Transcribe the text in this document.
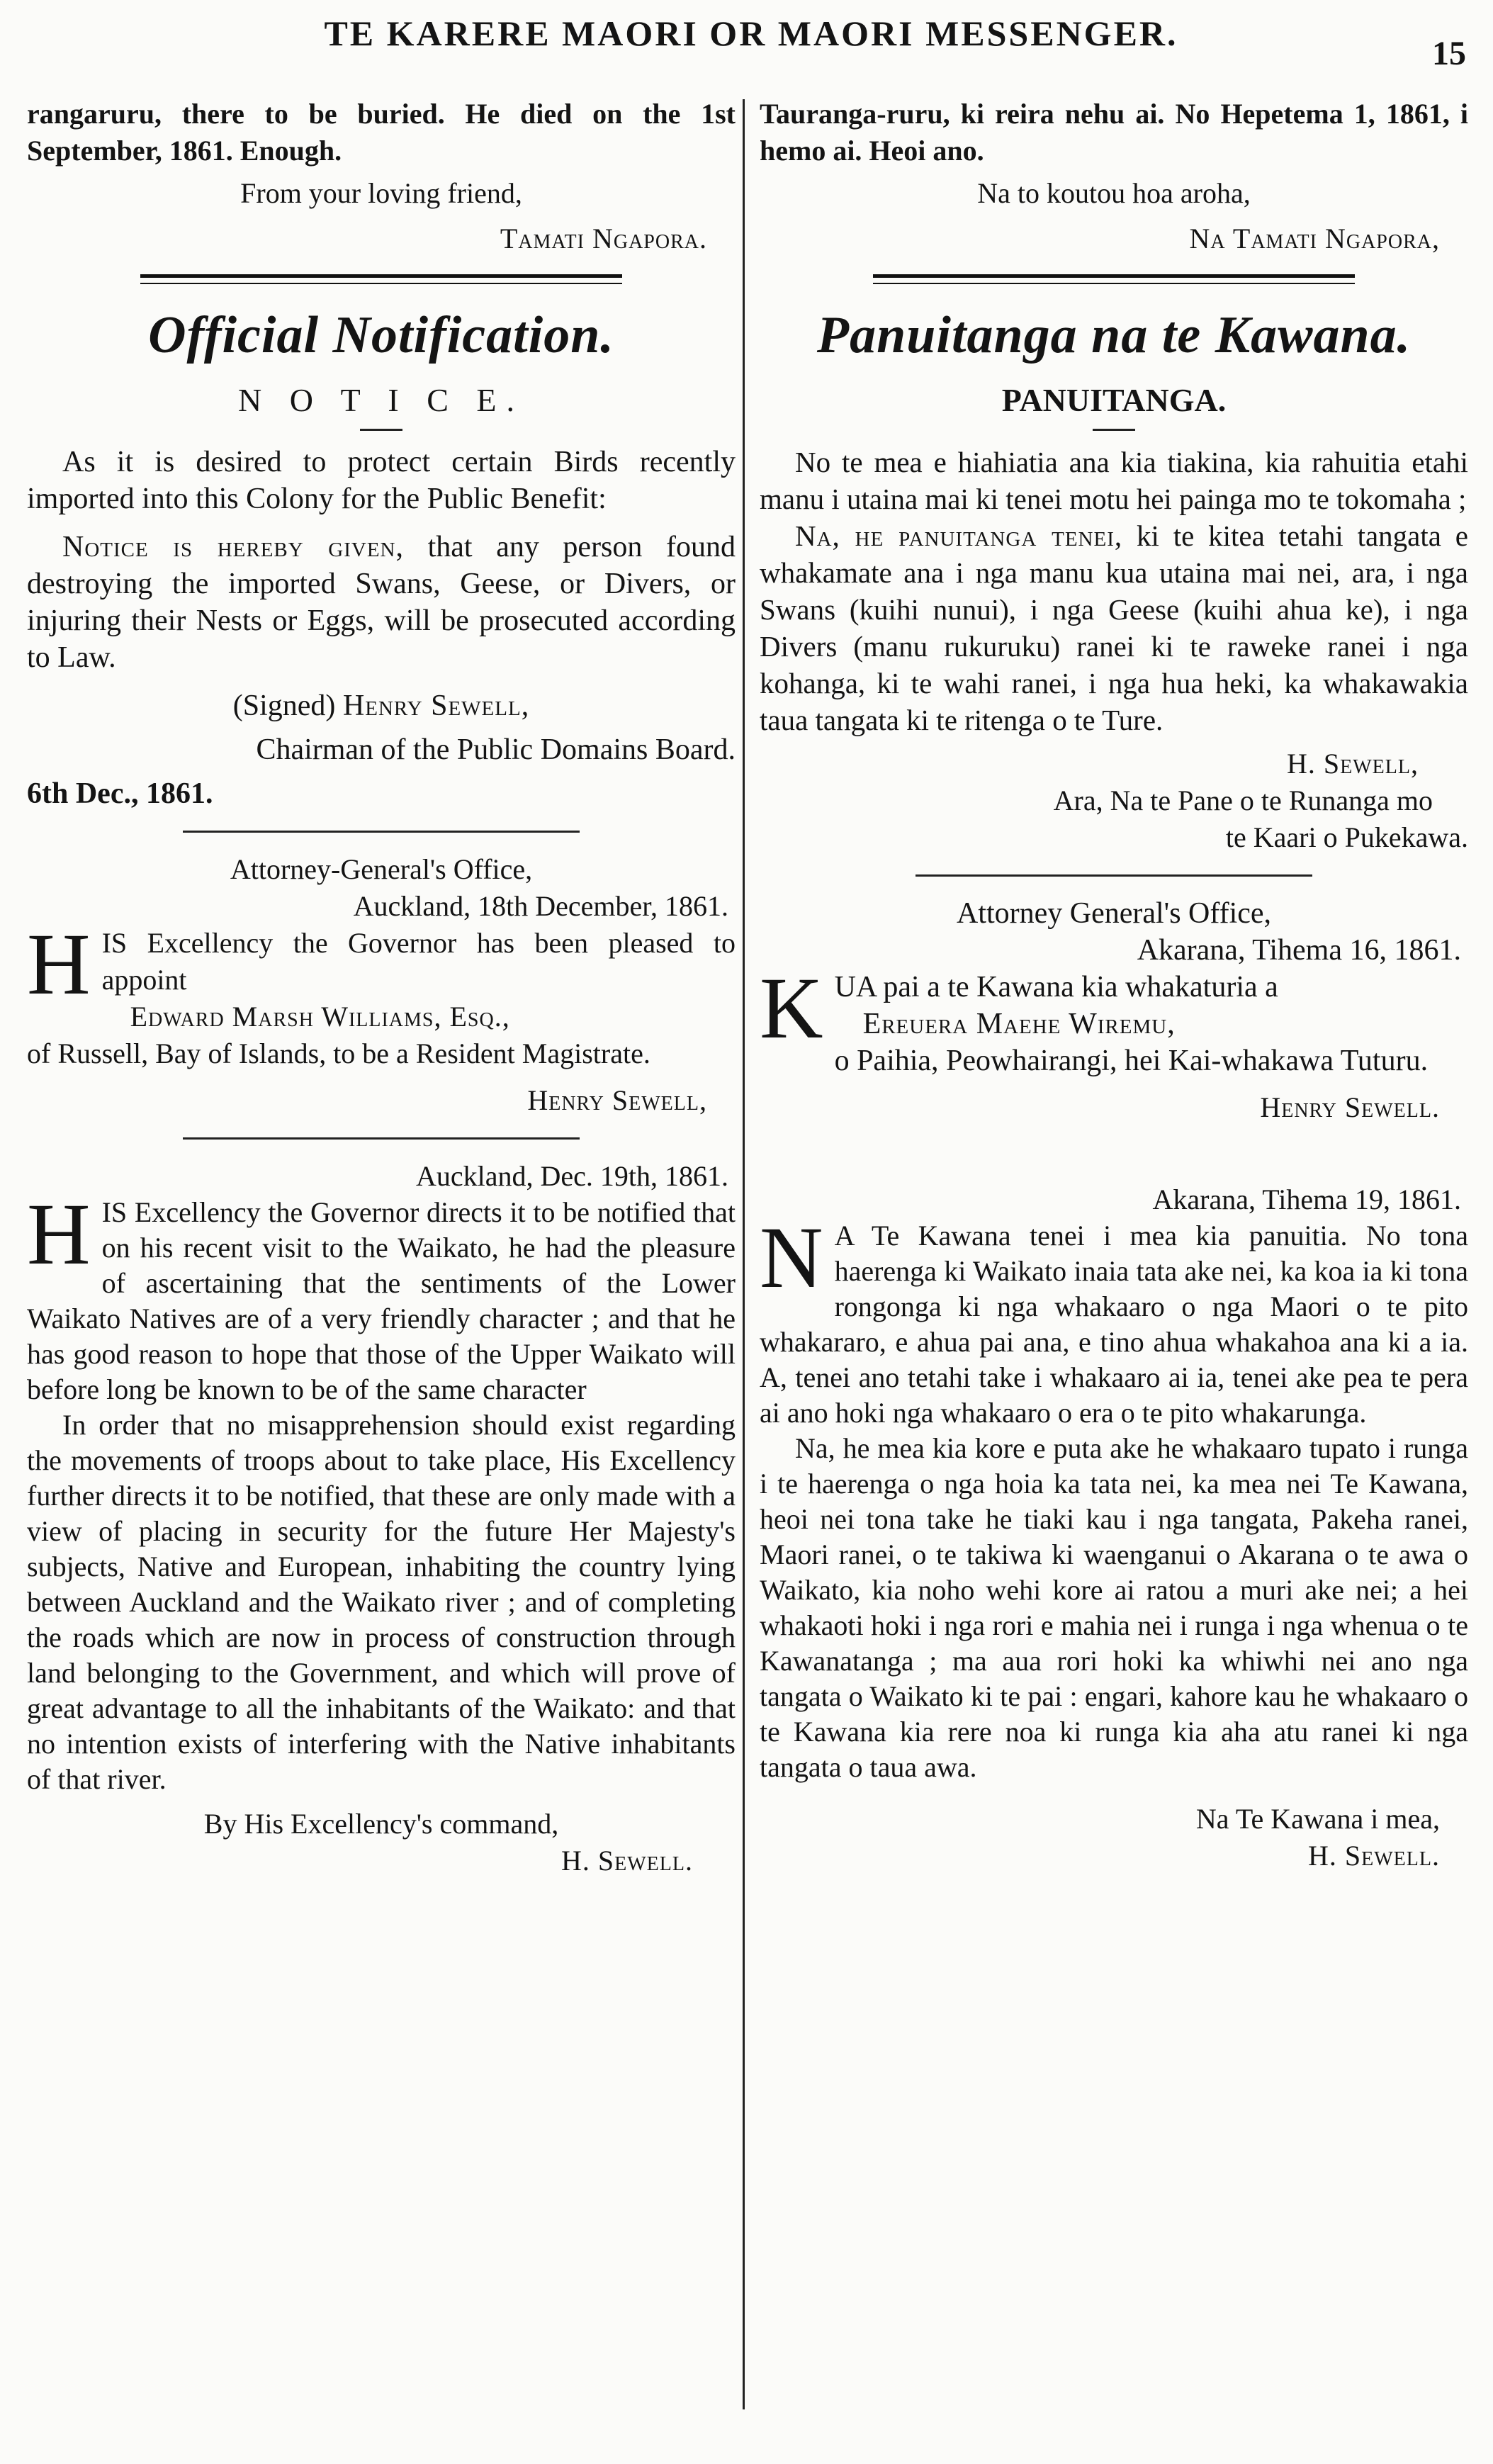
TE KARERE MAORI OR MAORI MESSENGER.
15

rangaruru, there to be buried. He died on the 1st September, 1861. Enough.

From your loving friend,

Tamati Ngapora.

Official Notification.
N O T I C E.

As it is desired to protect certain Birds recently imported into this Colony for the Public Benefit:

Notice is hereby given, that any person found destroying the imported Swans, Geese, or Divers, or injuring their Nests or Eggs, will be prosecuted according to Law.

(Signed) Henry Sewell,

Chairman of the Public Domains Board.

6th Dec., 1861.

Attorney-General's Office,

Auckland, 18th December, 1861.

H IS Excellency the Governor has been pleased to appoint
Edward Marsh Williams, Esq.,
of Russell, Bay of Islands, to be a Resident Magistrate.

Henry Sewell,

Auckland, Dec. 19th, 1861.

H IS Excellency the Governor directs it to be notified that on his recent visit to the Waikato, he had the pleasure of ascertaining that the sentiments of the Lower Waikato Natives are of a very friendly character ; and that he has good reason to hope that those of the Upper Waikato will before long be known to be of the same character

In order that no misapprehension should exist regarding the movements of troops about to take place, His Excellency further directs it to be notified, that these are only made with a view of placing in security for the future Her Majesty's subjects, Native and European, inhabiting the country lying between Auckland and the Waikato river ; and of completing the roads which are now in process of construction through land belonging to the Government, and which will prove of great advantage to all the inhabitants of the Waikato: and that no intention exists of interfering with the Native inhabitants of that river.

By His Excellency's command,

H. Sewell.

Tauranga-ruru, ki reira nehu ai. No Hepetema 1, 1861, i hemo ai. Heoi ano.

Na to koutou hoa aroha,

Na Tamati Ngapora,

Panuitanga na te Kawana.
PANUITANGA.

No te mea e hiahiatia ana kia tiakina, kia rahuitia etahi manu i utaina mai ki tenei motu hei painga mo te tokomaha ;

Na, he panuitanga tenei, ki te kitea tetahi tangata e whakamate ana i nga manu kua utaina mai nei, ara, i nga Swans (kuihi nunui), i nga Geese (kuihi ahua ke), i nga Divers (manu rukuruku) ranei ki te raweke ranei i nga kohanga, ki te wahi ranei, i nga hua heki, ka whakawakia taua tangata ki te ritenga o te Ture.

H. Sewell,

Ara, Na te Pane o te Runanga mo

te Kaari o Pukekawa.

Attorney General's Office,

Akarana, Tihema 16, 1861.

K UA pai a te Kawana kia whakaturia a
Ereuera Maehe Wiremu,
o Paihia, Peowhairangi, hei Kai-whakawa Tuturu.

Henry Sewell.

Akarana, Tihema 19, 1861.

N A Te Kawana tenei i mea kia panuitia. No tona haerenga ki Waikato inaia tata ake nei, ka koa ia ki tona rongonga ki nga whakaaro o nga Maori o te pito whakararo, e ahua pai ana, e tino ahua whakahoa ana ki a ia. A, tenei ano tetahi take i whakaaro ai ia, tenei ake pea te pera ai ano hoki nga whakaaro o era o te pito whakarunga.

Na, he mea kia kore e puta ake he whakaaro tupato i runga i te haerenga o nga hoia ka tata nei, ka mea nei Te Kawana, heoi nei tona take he tiaki kau i nga tangata, Pakeha ranei, Maori ranei, o te takiwa ki waenganui o Akarana o te awa o Waikato, kia noho wehi kore ai ratou a muri ake nei; a hei whakaoti hoki i nga rori e mahia nei i runga i nga whenua o te Kawanatanga ; ma aua rori hoki ka whiwhi nei ano nga tangata o Waikato ki te pai : engari, kahore kau he whakaaro o te Kawana kia rere noa ki runga kia aha atu ranei ki nga tangata o taua awa.

Na Te Kawana i mea,

H. Sewell.
